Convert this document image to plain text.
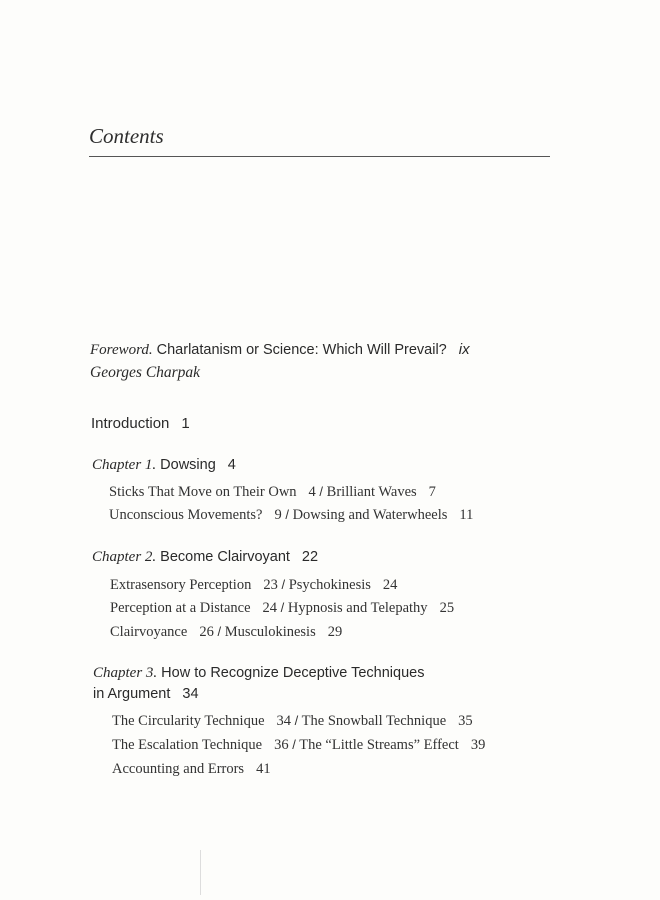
Contents
Foreword. Charlatanism or Science: Which Will Prevail? ix
Georges Charpak
Introduction 1
Chapter 1. Dowsing 4
Sticks That Move on Their Own 4 / Brilliant Waves 7
Unconscious Movements? 9 / Dowsing and Waterwheels 11
Chapter 2. Become Clairvoyant 22
Extrasensory Perception 23 / Psychokinesis 24
Perception at a Distance 24 / Hypnosis and Telepathy 25
Clairvoyance 26 / Musculokinesis 29
Chapter 3. How to Recognize Deceptive Techniques
in Argument 34
The Circularity Technique 34 / The Snowball Technique 35
The Escalation Technique 36 / The “Little Streams” Effect 39
Accounting and Errors 41
